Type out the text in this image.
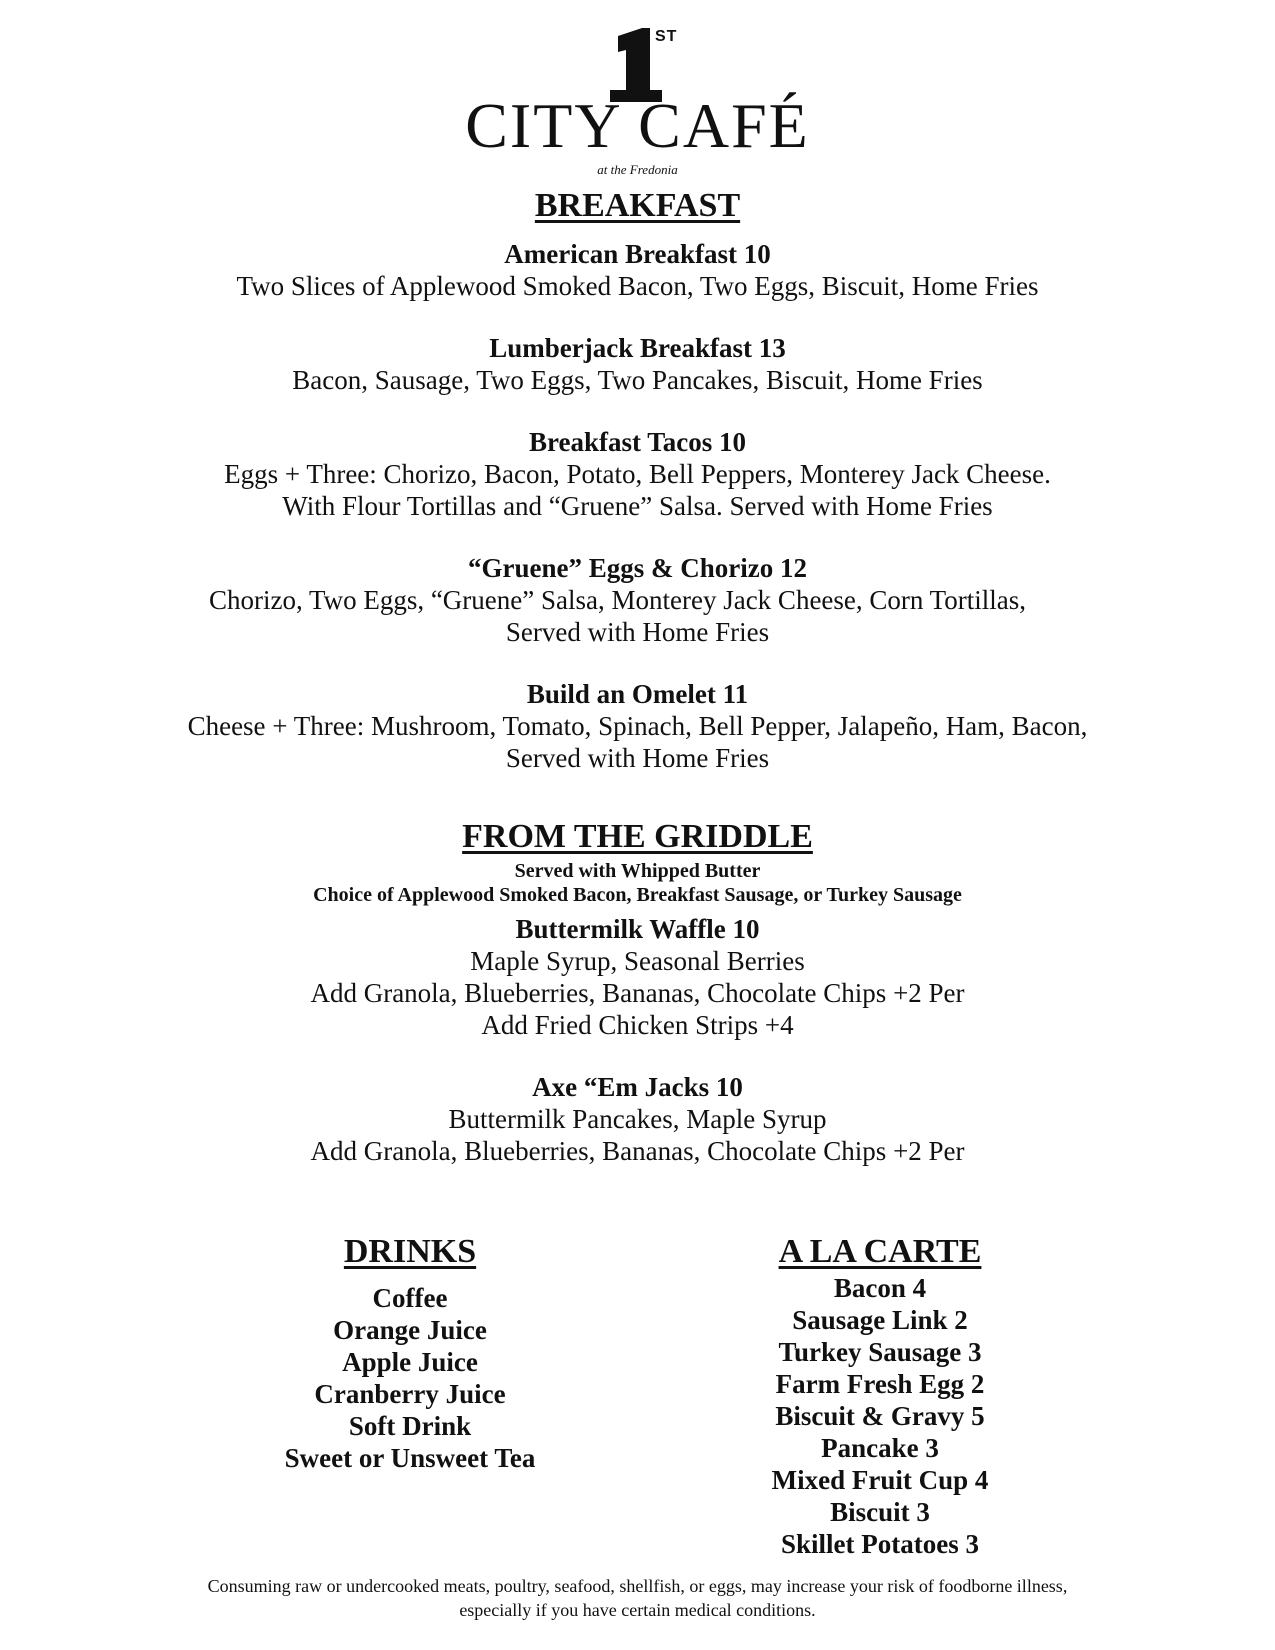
ST
CITY CAFÉ
at the Fredonia
BREAKFAST

American Breakfast 10

Two Slices of Applewood Smoked Bacon, Two Eggs, Biscuit, Home Fries

Lumberjack Breakfast 13

Bacon, Sausage, Two Eggs, Two Pancakes, Biscuit, Home Fries

Breakfast Tacos 10

Eggs + Three: Chorizo, Bacon, Potato, Bell Peppers, Monterey Jack Cheese.

With Flour Tortillas and “Gruene” Salsa. Served with Home Fries

“Gruene” Eggs & Chorizo 12

Chorizo, Two Eggs, “Gruene” Salsa, Monterey Jack Cheese, Corn Tortillas,

Served with Home Fries

Build an Omelet 11

Cheese + Three: Mushroom, Tomato, Spinach, Bell Pepper, Jalapeño, Ham, Bacon,

Served with Home Fries

FROM THE GRIDDLE

Served with Whipped Butter

Choice of Applewood Smoked Bacon, Breakfast Sausage, or Turkey Sausage

Buttermilk Waffle 10

Maple Syrup, Seasonal Berries

Add Granola, Blueberries, Bananas, Chocolate Chips +2 Per

Add Fried Chicken Strips +4

Axe “Em Jacks 10

Buttermilk Pancakes, Maple Syrup

Add Granola, Blueberries, Bananas, Chocolate Chips +2 Per

DRINKS

Coffee

Orange Juice

Apple Juice

Cranberry Juice

Soft Drink

Sweet or Unsweet Tea

A LA CARTE

Bacon 4

Sausage Link 2

Turkey Sausage 3

Farm Fresh Egg 2

Biscuit & Gravy 5

Pancake 3

Mixed Fruit Cup 4

Biscuit 3

Skillet Potatoes 3

Consuming raw or undercooked meats, poultry, seafood, shellfish, or eggs, may increase your risk of foodborne illness,
especially if you have certain medical conditions.
